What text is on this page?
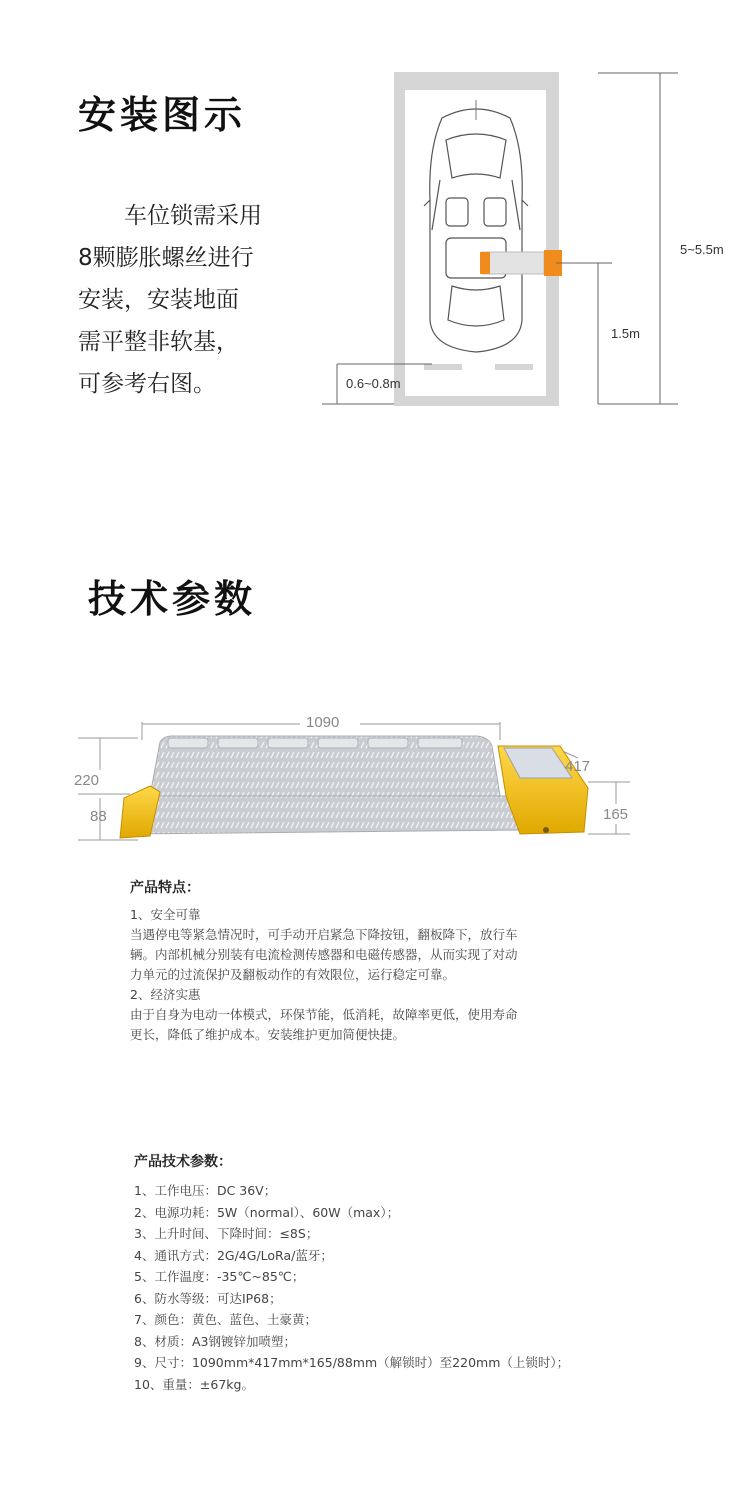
安装图示
车位锁需采用
8颗膨胀螺丝进行
安装，安装地面
需平整非软基，
可参考右图。
5~5.5m
1.5m
0.6~0.8m
技术参数
1090
417
220
88	165
产品特点：
1、安全可靠
当遇停电等紧急情况时，可手动开启紧急下降按钮，翻板降下，放行车
辆。内部机械分别装有电流检测传感器和电磁传感器，从而实现了对动
力单元的过流保护及翻板动作的有效限位，运行稳定可靠。
2、经济实惠
由于自身为电动一体模式，环保节能，低消耗，故障率更低，使用寿命
更长，降低了维护成本。安装维护更加简便快捷。
产品技术参数：
1、工作电压：DC 36V；
2、电源功耗：5W（normal）、60W（max）；
3、上升时间、下降时间：≤8S；
4、通讯方式：2G/4G/LoRa/蓝牙；
5、工作温度：-35℃~85℃；
6、防水等级：可达IP68；
7、颜色：黄色、蓝色、土豪黄；
8、材质：A3钢镀锌加喷塑；
9、尺寸：1090mm*417mm*165/88mm（解锁时）至220mm（上锁时）；
10、重量：±67kg。
